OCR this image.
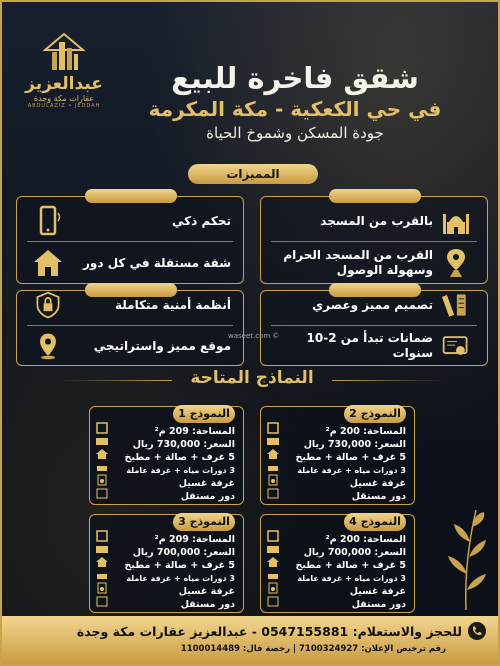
عبدالعزيز
عقارات مكة وجدة
ABDULAZIZ • JEDDAH
شقق فاخرة للبيع
في حي الكعكية - مكة المكرمة
جودة المسكن وشموخ الحياة
المميزات
بالقرب من المسجد
القرب من المسجد الحرام وسهولة الوصول
تحكم ذكي
شقة مستقلة في كل دور
تصميم مميز وعصري
ضمانات تبدأ من 2-10 سنوات
أنظمة أمنية متكاملة
موقع مميز واستراتيجي
waseet.com ©
النماذج المتاحة
النموذج 2
المساحة: 200 م²
السعر: 730,000 ريال
5 غرف + صالة + مطبخ
3 دورات مياه + غرفة عاملة
غرفة غسيل
دور مستقل
النموذج 1
المساحة: 209 م²
السعر: 730,000 ريال
5 غرف + صالة + مطبخ
3 دورات مياه + غرفة عاملة
غرفة غسيل
دور مستقل
النموذج 4
المساحة: 200 م²
السعر: 700,000 ريال
5 غرف + صالة + مطبخ
3 دورات مياه + غرفة عاملة
غرفة غسيل
دور مستقل
النموذج 3
المساحة: 209 م²
السعر: 700,000 ريال
5 غرف + صالة + مطبخ
3 دورات مياه + غرفة عاملة
غرفة غسيل
دور مستقل
للحجز والاستعلام: 0547155881 - عبدالعزيز عقارات مكة وجدة
رقم ترخيص الإعلان: 7100324927 | رخصة فال: 1100014489
